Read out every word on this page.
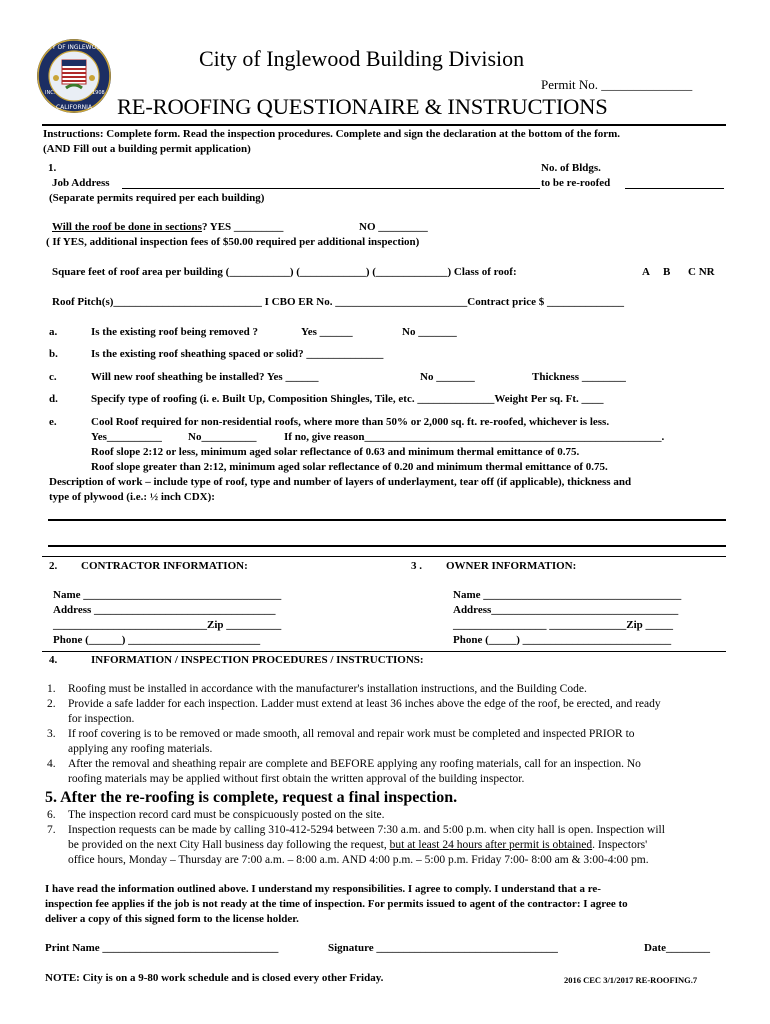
CITY OF INGLEWOOD
CALIFORNIA
INC.	1908
City of Inglewood Building Division
Permit No. ______________
RE-ROOFING QUESTIONAIRE & INSTRUCTIONS
Instructions: Complete form. Read the inspection procedures. Complete and sign the declaration at the bottom of the form.
(AND Fill out a building permit application)
1.	No. of Bldgs.
Job Address	to be re-roofed
(Separate permits required per each building)
Will the roof be done in sections? YES _________	NO _________
( If YES, additional inspection fees of $50.00 required per additional inspection)
Square feet of roof area per building (___________) (____________) (_____________) Class of roof:	A B C NR
Roof Pitch(s)___________________________ I CBO ER No. ________________________Contract price $ ______________
a.	Is the existing roof being removed ?	Yes ______	No _______
b.	Is the existing roof sheathing spaced or solid? ______________
c.	Will new roof sheathing be installed? Yes ______	No _______	Thickness ________
d.	Specify type of roofing (i. e. Built Up, Composition Shingles, Tile, etc. ______________Weight Per sq. Ft. ____
e.	Cool Roof required for non-residential roofs, where more than 50% or 2,000 sq. ft. re-roofed, whichever is less.
Yes__________ No__________	If no, give reason______________________________________________________.
Roof slope 2:12 or less, minimum aged solar reflectance of 0.63 and minimum thermal emittance of 0.75.
Roof slope greater than 2:12, minimum aged solar reflectance of 0.20 and minimum thermal emittance of 0.75.
Description of work – include type of roof, type and number of layers of underlayment, tear off (if applicable), thickness and
type of plywood (i.e.: ½ inch CDX):
2. CONTRACTOR INFORMATION:	3 . OWNER INFORMATION:
Name ____________________________________
Address _________________________________
____________________________Zip __________
Phone (______) ________________________
Name ____________________________________
Address__________________________________
_________________ ______________Zip _____
Phone (_____) ___________________________
4.	INFORMATION / INSPECTION PROCEDURES / INSTRUCTIONS:
1. Roofing must be installed in accordance with the manufacturer's installation instructions, and the Building Code.
2. Provide a safe ladder for each inspection. Ladder must extend at least 36 inches above the edge of the roof, be erected, and ready
for inspection.
3. If roof covering is to be removed or made smooth, all removal and repair work must be completed and inspected PRIOR to
applying any roofing materials.
4. After the removal and sheathing repair are complete and BEFORE applying any roofing materials, call for an inspection. No
roofing materials may be applied without first obtain the written approval of the building inspector.
5. After the re-roofing is complete, request a final inspection.
6. The inspection record card must be conspicuously posted on the site.
7. Inspection requests can be made by calling 310-412-5294 between 7:30 a.m. and 5:00 p.m. when city hall is open. Inspection will
be provided on the next City Hall business day following the request, but at least 24 hours after permit is obtained. Inspectors'
office hours, Monday – Thursday are 7:00 a.m. – 8:00 a.m. AND 4:00 p.m. – 5:00 p.m. Friday 7:00- 8:00 am & 3:00-4:00 pm.
I have read the information outlined above. I understand my responsibilities. I agree to comply. I understand that a re-
inspection fee applies if the job is not ready at the time of inspection. For permits issued to agent of the contractor: I agree to
deliver a copy of this signed form to the license holder.
Print Name ________________________________	Signature _________________________________	Date________
NOTE: City is on a 9-80 work schedule and is closed every other Friday.	2016 CEC 3/1/2017 RE-ROOFING.7
